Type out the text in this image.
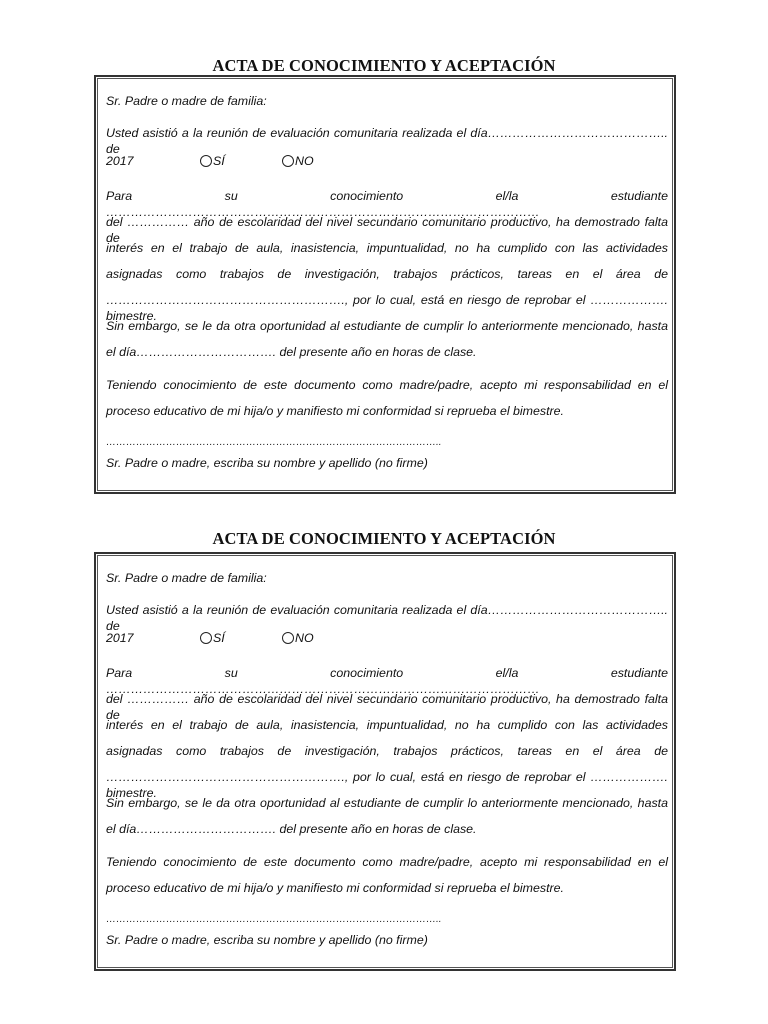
ACTA DE CONOCIMIENTO Y ACEPTACIÓN
Sr. Padre o madre de familia:
Usted asistió a la reunión de evaluación comunitaria realizada el día…………………………………….. de
2017	SÍ	NO
Para su conocimiento el/la estudiante ……………………………………………………………………………………………
del …………… año de escolaridad del nivel secundario comunitario productivo, ha demostrado falta de
interés en el trabajo de aula, inasistencia, impuntualidad, no ha cumplido con las actividades
asignadas como trabajos de investigación, trabajos prácticos, tareas en el área de
…………………………………………………., por lo cual, está en riesgo de reprobar el ………………. bimestre.
Sin embargo, se le da otra oportunidad al estudiante de cumplir lo anteriormente mencionado, hasta
el día……………………………. del presente año en horas de clase.
Teniendo conocimiento de este documento como madre/padre, acepto mi responsabilidad en el
proceso educativo de mi hija/o y manifiesto mi conformidad si reprueba el bimestre.
………………………………………………………………………………………..
Sr. Padre o madre, escriba su nombre y apellido (no firme)
ACTA DE CONOCIMIENTO Y ACEPTACIÓN
Sr. Padre o madre de familia:
Usted asistió a la reunión de evaluación comunitaria realizada el día…………………………………….. de
2017	SÍ	NO
Para su conocimiento el/la estudiante ……………………………………………………………………………………………
del …………… año de escolaridad del nivel secundario comunitario productivo, ha demostrado falta de
interés en el trabajo de aula, inasistencia, impuntualidad, no ha cumplido con las actividades
asignadas como trabajos de investigación, trabajos prácticos, tareas en el área de
…………………………………………………., por lo cual, está en riesgo de reprobar el ………………. bimestre.
Sin embargo, se le da otra oportunidad al estudiante de cumplir lo anteriormente mencionado, hasta
el día……………………………. del presente año en horas de clase.
Teniendo conocimiento de este documento como madre/padre, acepto mi responsabilidad en el
proceso educativo de mi hija/o y manifiesto mi conformidad si reprueba el bimestre.
………………………………………………………………………………………..
Sr. Padre o madre, escriba su nombre y apellido (no firme)
